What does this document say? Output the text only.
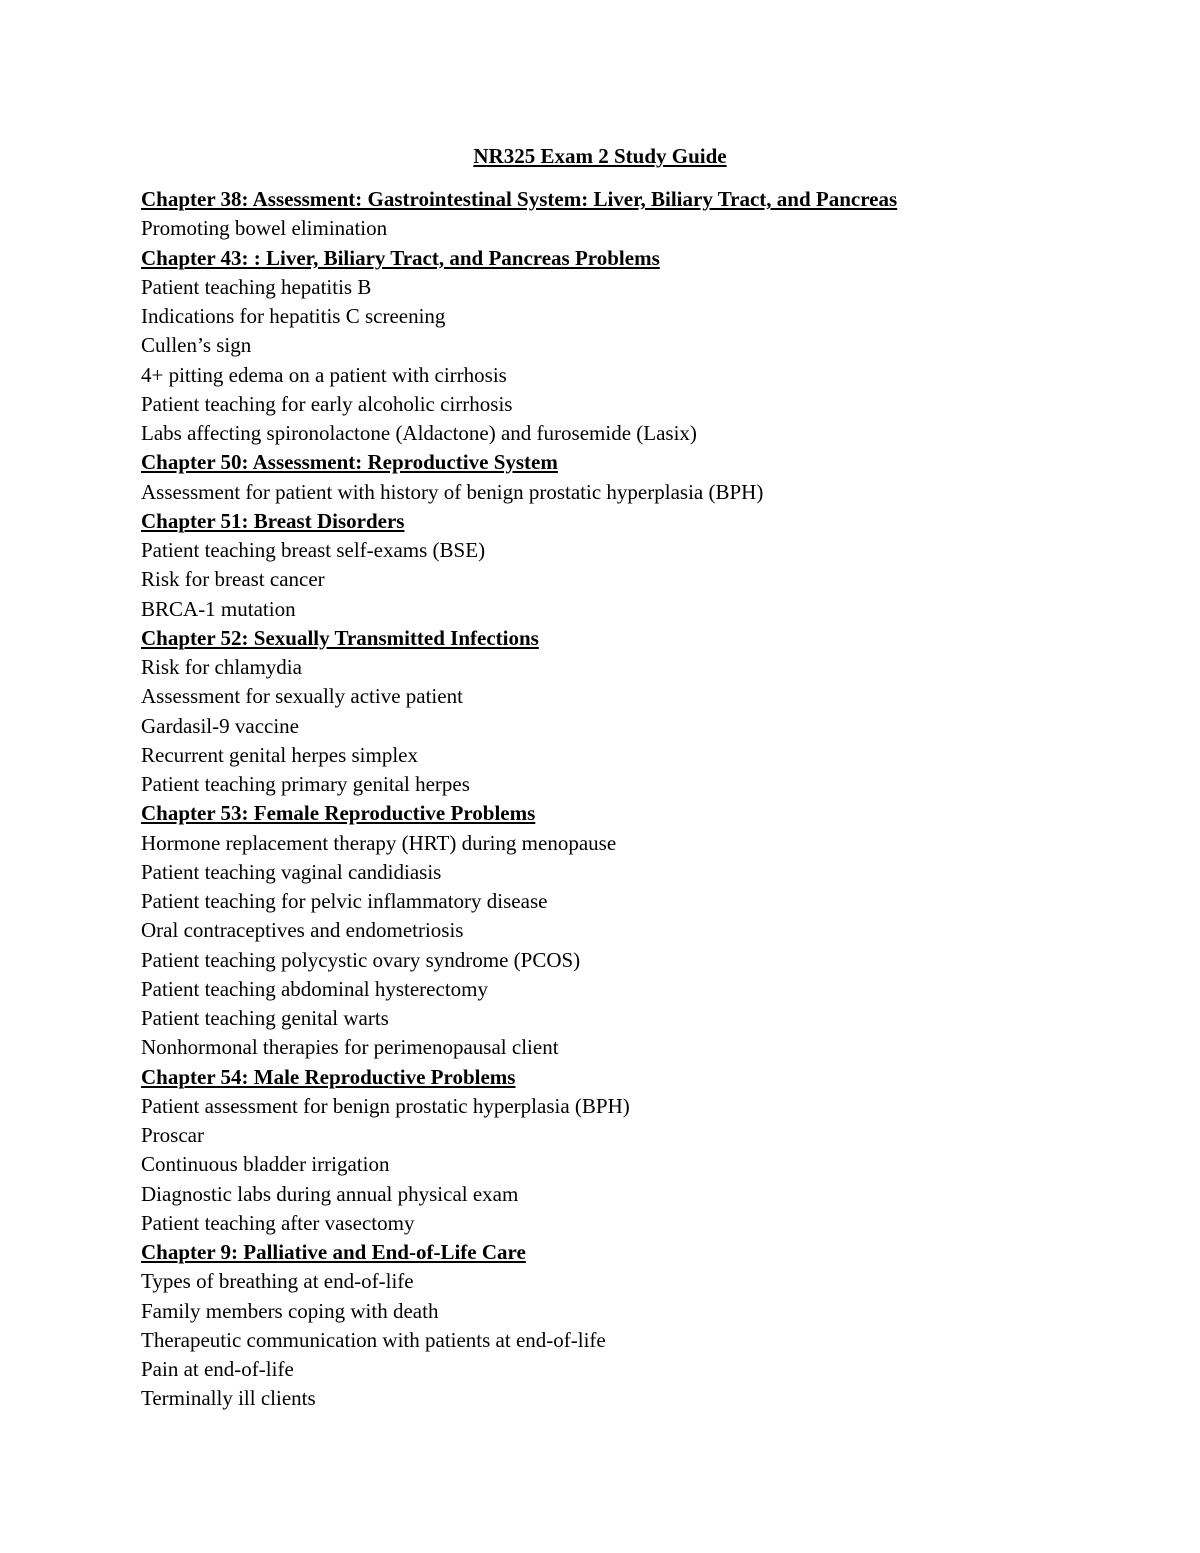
NR325 Exam 2 Study Guide
Chapter 38: Assessment: Gastrointestinal System: Liver, Biliary Tract, and Pancreas
Promoting bowel elimination
Chapter 43: : Liver, Biliary Tract, and Pancreas Problems
Patient teaching hepatitis B
Indications for hepatitis C screening
Cullen’s sign
4+ pitting edema on a patient with cirrhosis
Patient teaching for early alcoholic cirrhosis
Labs affecting spironolactone (Aldactone) and furosemide (Lasix)
Chapter 50: Assessment: Reproductive System
Assessment for patient with history of benign prostatic hyperplasia (BPH)
Chapter 51: Breast Disorders
Patient teaching breast self-exams (BSE)
Risk for breast cancer
BRCA-1 mutation
Chapter 52: Sexually Transmitted Infections
Risk for chlamydia
Assessment for sexually active patient
Gardasil-9 vaccine
Recurrent genital herpes simplex
Patient teaching primary genital herpes
Chapter 53: Female Reproductive Problems
Hormone replacement therapy (HRT) during menopause
Patient teaching vaginal candidiasis
Patient teaching for pelvic inflammatory disease
Oral contraceptives and endometriosis
Patient teaching polycystic ovary syndrome (PCOS)
Patient teaching abdominal hysterectomy
Patient teaching genital warts
Nonhormonal therapies for perimenopausal client
Chapter 54: Male Reproductive Problems
Patient assessment for benign prostatic hyperplasia (BPH)
Proscar
Continuous bladder irrigation
Diagnostic labs during annual physical exam
Patient teaching after vasectomy
Chapter 9: Palliative and End-of-Life Care
Types of breathing at end-of-life
Family members coping with death
Therapeutic communication with patients at end-of-life
Pain at end-of-life
Terminally ill clients
